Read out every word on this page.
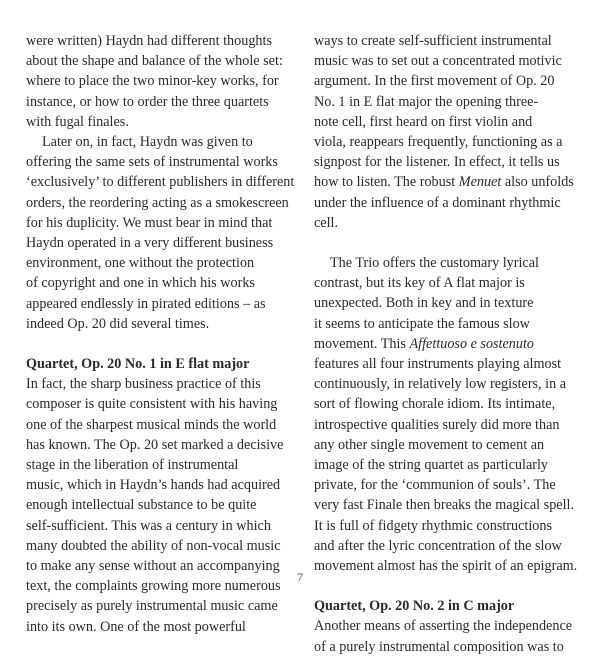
were written) Haydn had different thoughts
about the shape and balance of the whole set:
where to place the two minor-key works, for
instance, or how to order the three quartets
with fugal finales.

Later on, in fact, Haydn was given to
offering the same sets of instrumental works
‘exclusively’ to different publishers in different
orders, the reordering acting as a smokescreen
for his duplicity. We must bear in mind that
Haydn operated in a very different business
environment, one without the protection
of copyright and one in which his works
appeared endlessly in pirated editions – as
indeed Op. 20 did several times.

Quartet, Op. 20 No. 1 in E flat major

In fact, the sharp business practice of this
composer is quite consistent with his having
one of the sharpest musical minds the world
has known. The Op. 20 set marked a decisive
stage in the liberation of instrumental
music, which in Haydn’s hands had acquired
enough intellectual substance to be quite
self-sufficient. This was a century in which
many doubted the ability of non-vocal music
to make any sense without an accompanying
text, the complaints growing more numerous
precisely as purely instrumental music came
into its own. One of the most powerful

ways to create self-sufficient instrumental
music was to set out a concentrated motivic
argument. In the first movement of Op. 20
No. 1 in E flat major the opening three-
note cell, first heard on first violin and
viola, reappears frequently, functioning as a
signpost for the listener. In effect, it tells us
how to listen. The robust Menuet also unfolds
under the influence of a dominant rhythmic
cell.

The Trio offers the customary lyrical
contrast, but its key of A flat major is
unexpected. Both in key and in texture
it seems to anticipate the famous slow
movement. This Affettuoso e sostenuto
features all four instruments playing almost
continuously, in relatively low registers, in a
sort of flowing chorale idiom. Its intimate,
introspective qualities surely did more than
any other single movement to cement an
image of the string quartet as particularly
private, for the ‘communion of souls’. The
very fast Finale then breaks the magical spell.
It is full of fidgety rhythmic constructions
and after the lyric concentration of the slow
movement almost has the spirit of an epigram.

Quartet, Op. 20 No. 2 in C major

Another means of asserting the independence
of a purely instrumental composition was to

7
